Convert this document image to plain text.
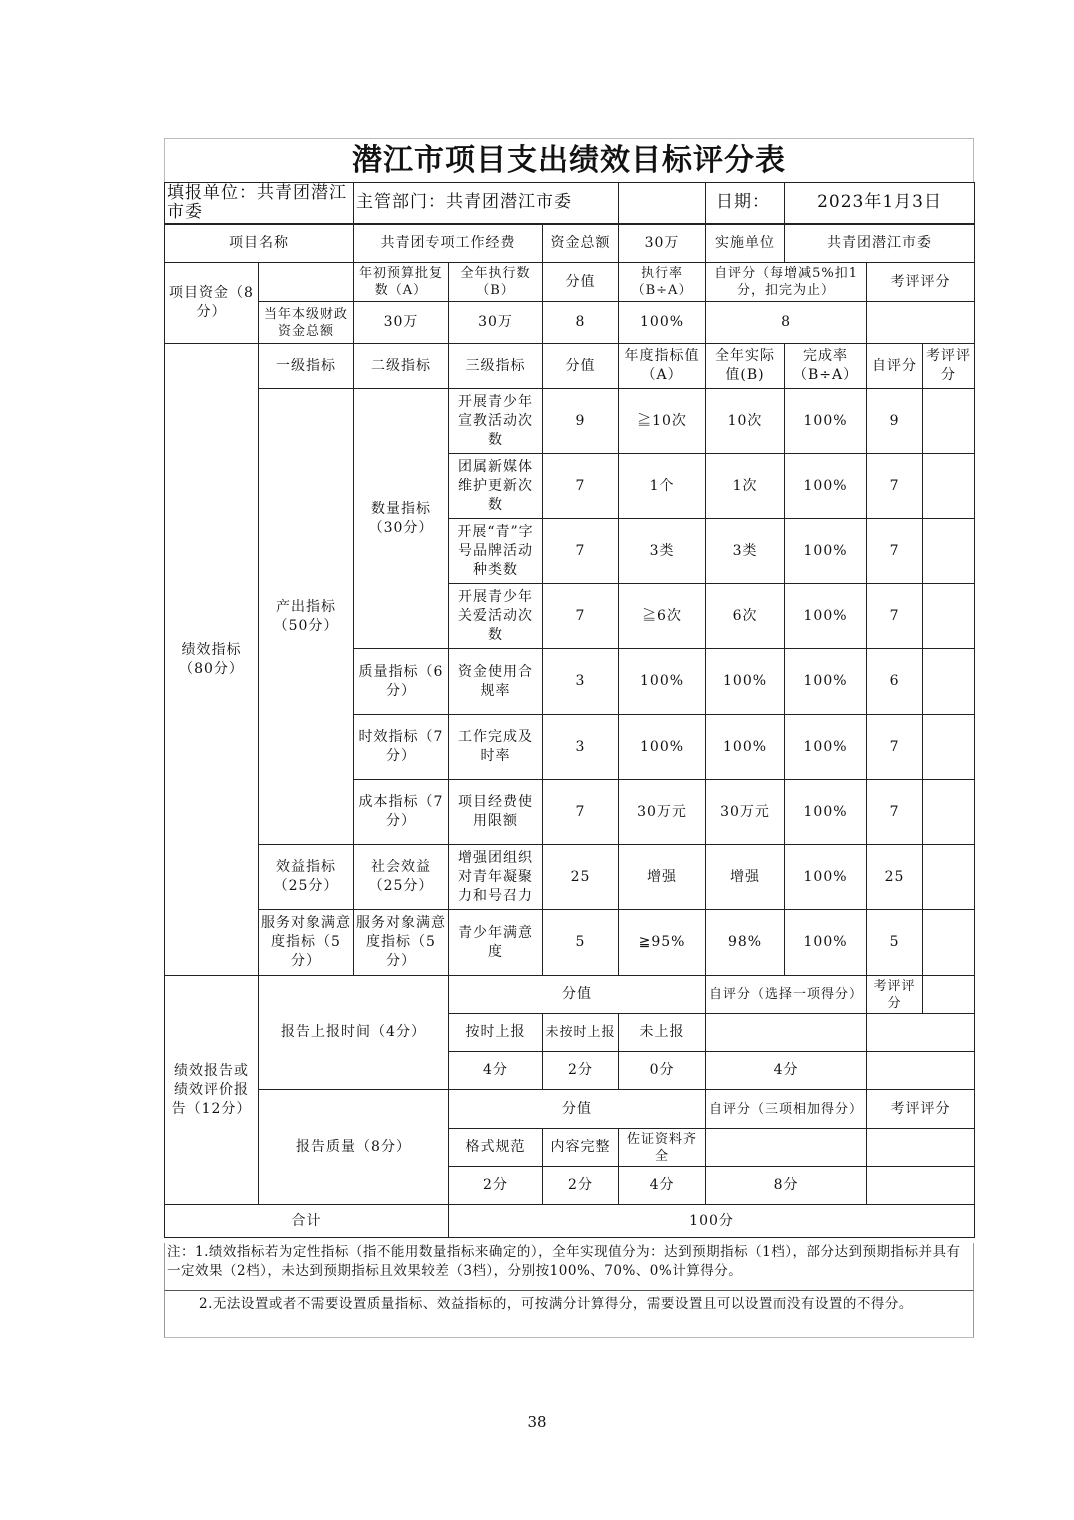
潜江市项目支出绩效目标评分表
填报单位：共青团潜江市委		主管部门：共青团潜江市委				日期：	2023年1月3日		
项目名称		共青团专项工作经费		资金总额	30万	实施单位	共青团潜江市委		
项目资金（8分）		年初预算批复数（A）	全年执行数（B）	分值	执行率（B÷A）	自评分（每增减5%扣1分，扣完为止）		考评评分	
	当年本级财政资金总额	30万	30万	8	100%	8			
绩效指标（80分）	一级指标	二级指标	三级指标	分值	年度指标值（A）	全年实际值(B)	完成率（B÷A）	自评分	考评评分
	产出指标（50分）	数量指标（30分）	开展青少年宣教活动次数	9	≧10次	10次	100%	9	
			团属新媒体维护更新次数	7	1个	1次	100%	7	
			开展“青”字号品牌活动种类数	7	3类	3类	100%	7	
			开展青少年关爱活动次数	7	≧6次	6次	100%	7	
		质量指标（6分）	资金使用合规率	3	100%	100%	100%	6	
		时效指标（7分）	工作完成及时率	3	100%	100%	100%	7	
		成本指标（7分）	项目经费使用限额	7	30万元	30万元	100%	7	
	效益指标（25分）	社会效益（25分）	增强团组织对青年凝聚力和号召力	25	增强	增强	100%	25	
	服务对象满意度指标（5分）	服务对象满意度指标（5分）	青少年满意度	5	≧95%	98%	100%	5	
绩效报告或绩效评价报告（12分）	报告上报时间（4分）		分值			自评分（选择一项得分）		考评评分	
			按时上报	未按时上报	未上报				
			4分	2分	0分	4分			
	报告质量（8分）		分值			自评分（三项相加得分）		考评评分	
			格式规范	内容完整	佐证资料齐全				
			2分	2分	4分	8分			
合计			100分						
注：1.绩效指标若为定性指标（指不能用数量指标来确定的），全年实现值分为：达到预期指标（1档），部分达到预期指标并具有一定效果（2档），未达到预期指标且效果较差（3档），分别按100%、70%、0%计算得分。
2.无法设置或者不需要设置质量指标、效益指标的，可按满分计算得分，需要设置且可以设置而没有设置的不得分。
38
